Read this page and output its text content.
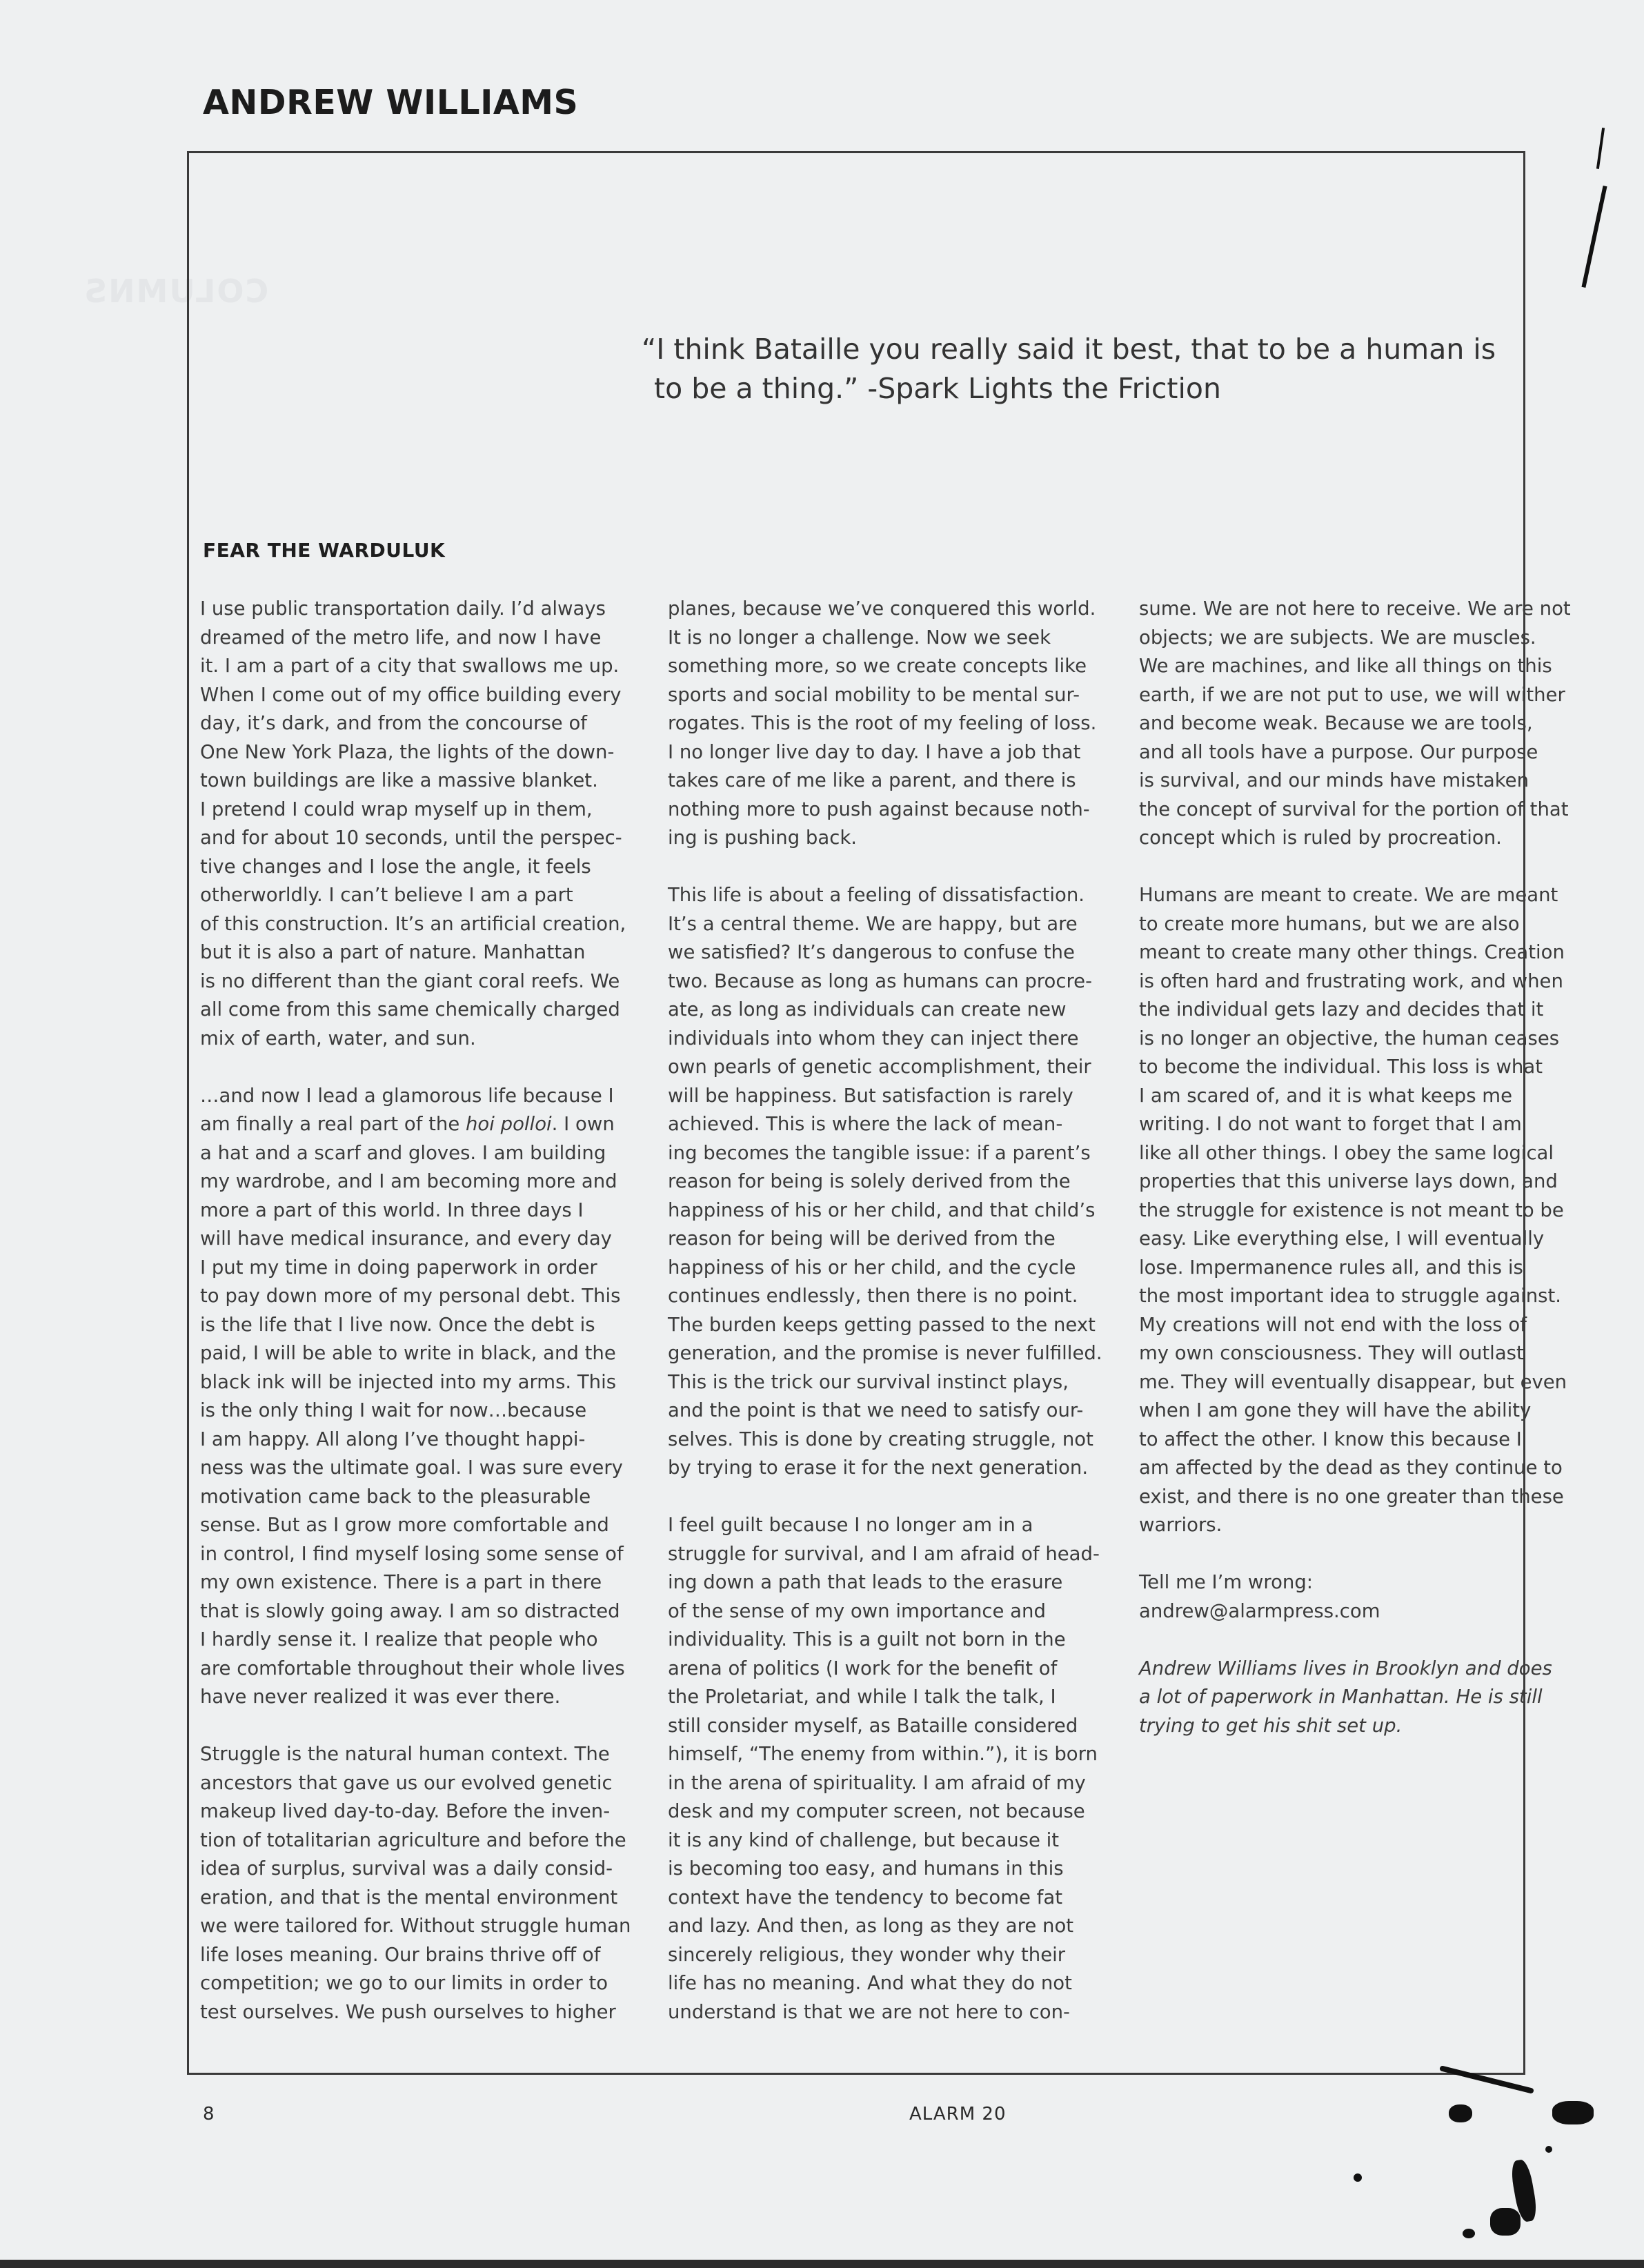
COLUMNS
ANDREW WILLIAMS
“I think Bataille you really said it best, that to be a human is
to be a thing.” -Spark Lights the Friction
FEAR THE WARDULUK

I use public transportation daily. I’d always
dreamed of the metro life, and now I have
it. I am a part of a city that swallows me up.
When I come out of my office building every
day, it’s dark, and from the concourse of
One New York Plaza, the lights of the down-
town buildings are like a massive blanket.
I pretend I could wrap myself up in them,
and for about 10 seconds, until the perspec-
tive changes and I lose the angle, it feels
otherworldly. I can’t believe I am a part
of this construction. It’s an artificial creation,
but it is also a part of nature. Manhattan
is no different than the giant coral reefs. We
all come from this same chemically charged
mix of earth, water, and sun.

…and now I lead a glamorous life because I
am finally a real part of the hoi polloi. I own
a hat and a scarf and gloves. I am building
my wardrobe, and I am becoming more and
more a part of this world. In three days I
will have medical insurance, and every day
I put my time in doing paperwork in order
to pay down more of my personal debt. This
is the life that I live now. Once the debt is
paid, I will be able to write in black, and the
black ink will be injected into my arms. This
is the only thing I wait for now…because
I am happy. All along I’ve thought happi-
ness was the ultimate goal. I was sure every
motivation came back to the pleasurable
sense. But as I grow more comfortable and
in control, I find myself losing some sense of
my own existence. There is a part in there
that is slowly going away. I am so distracted
I hardly sense it. I realize that people who
are comfortable throughout their whole lives
have never realized it was ever there.

Struggle is the natural human context. The
ancestors that gave us our evolved genetic
makeup lived day-to-day. Before the inven-
tion of totalitarian agriculture and before the
idea of surplus, survival was a daily consid-
eration, and that is the mental environment
we were tailored for. Without struggle human
life loses meaning. Our brains thrive off of
competition; we go to our limits in order to
test ourselves. We push ourselves to higher

planes, because we’ve conquered this world.
It is no longer a challenge. Now we seek
something more, so we create concepts like
sports and social mobility to be mental sur-
rogates. This is the root of my feeling of loss.
I no longer live day to day. I have a job that
takes care of me like a parent, and there is
nothing more to push against because noth-
ing is pushing back.

This life is about a feeling of dissatisfaction.
It’s a central theme. We are happy, but are
we satisfied? It’s dangerous to confuse the
two. Because as long as humans can procre-
ate, as long as individuals can create new
individuals into whom they can inject there
own pearls of genetic accomplishment, their
will be happiness. But satisfaction is rarely
achieved. This is where the lack of mean-
ing becomes the tangible issue: if a parent’s
reason for being is solely derived from the
happiness of his or her child, and that child’s
reason for being will be derived from the
happiness of his or her child, and the cycle
continues endlessly, then there is no point.
The burden keeps getting passed to the next
generation, and the promise is never fulfilled.
This is the trick our survival instinct plays,
and the point is that we need to satisfy our-
selves. This is done by creating struggle, not
by trying to erase it for the next generation.

I feel guilt because I no longer am in a
struggle for survival, and I am afraid of head-
ing down a path that leads to the erasure
of the sense of my own importance and
individuality. This is a guilt not born in the
arena of politics (I work for the benefit of
the Proletariat, and while I talk the talk, I
still consider myself, as Bataille considered
himself, “The enemy from within.”), it is born
in the arena of spirituality. I am afraid of my
desk and my computer screen, not because
it is any kind of challenge, but because it
is becoming too easy, and humans in this
context have the tendency to become fat
and lazy. And then, as long as they are not
sincerely religious, they wonder why their
life has no meaning. And what they do not
understand is that we are not here to con-

sume. We are not here to receive. We are not
objects; we are subjects. We are muscles.
We are machines, and like all things on this
earth, if we are not put to use, we will wither
and become weak. Because we are tools,
and all tools have a purpose. Our purpose
is survival, and our minds have mistaken
the concept of survival for the portion of that
concept which is ruled by procreation.

Humans are meant to create. We are meant
to create more humans, but we are also
meant to create many other things. Creation
is often hard and frustrating work, and when
the individual gets lazy and decides that it
is no longer an objective, the human ceases
to become the individual. This loss is what
I am scared of, and it is what keeps me
writing. I do not want to forget that I am
like all other things. I obey the same logical
properties that this universe lays down, and
the struggle for existence is not meant to be
easy. Like everything else, I will eventually
lose. Impermanence rules all, and this is
the most important idea to struggle against.
My creations will not end with the loss of
my own consciousness. They will outlast
me. They will eventually disappear, but even
when I am gone they will have the ability
to affect the other. I know this because I
am affected by the dead as they continue to
exist, and there is no one greater than these
warriors.

Tell me I’m wrong:
andrew@alarmpress.com

Andrew Williams lives in Brooklyn and does
a lot of paperwork in Manhattan. He is still
trying to get his shit set up.

8	ALARM 20
